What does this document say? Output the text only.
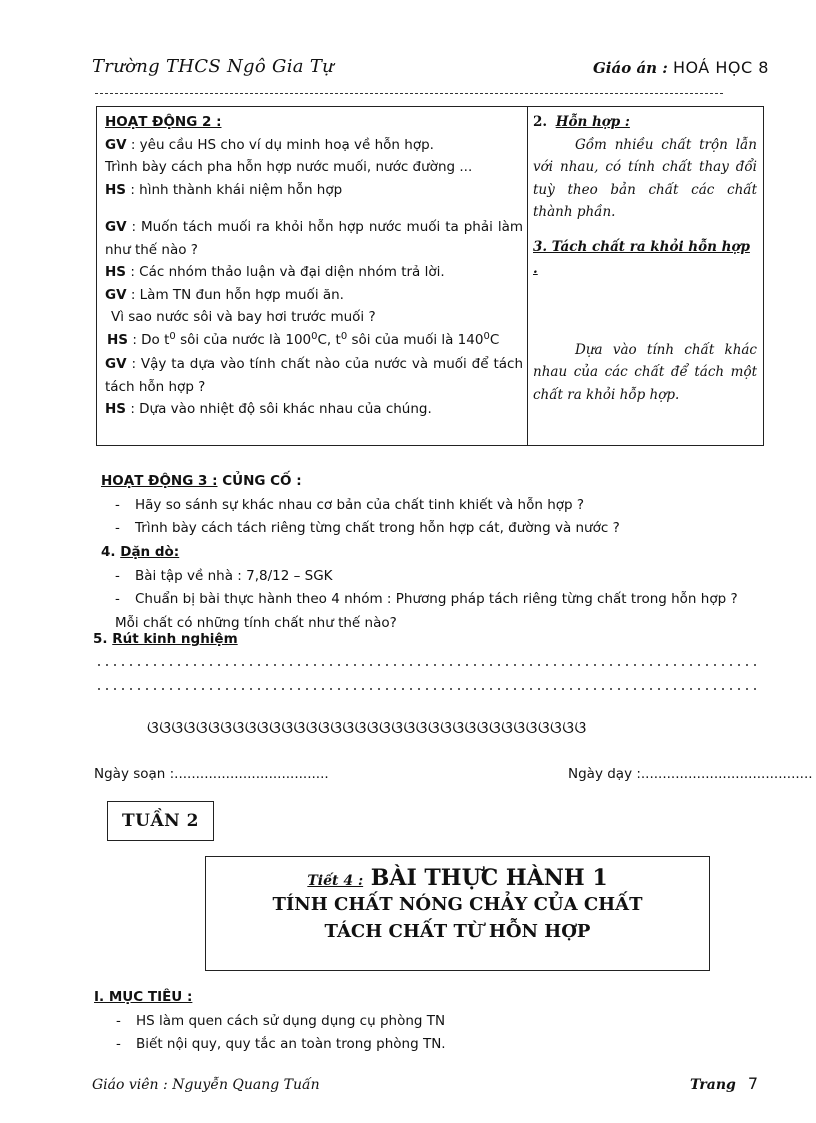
Trường THCS Ngô Gia Tự	Giáo án : HOÁ HỌC 8
HOẠT ĐỘNG 2 :
GV : yêu cầu HS cho ví dụ minh hoạ về hỗn hợp.
Trình bày cách pha hỗn hợp nước muối, nước đường ...
HS : hình thành khái niệm hỗn hợp
GV : Muốn tách muối ra khỏi hỗn hợp nước muối ta phải làm như thế nào ?
HS : Các nhóm thảo luận và đại diện nhóm trả lời.
GV : Làm TN đun hỗn hợp muối ăn.
Vì sao nước sôi và bay hơi trước muối ?
HS : Do $t^0$ sôi của nước là $100^0C$, $t^0$ sôi của muối là $140^0C$
GV : Vậy ta dựa vào tính chất nào của nước và muối để tách tách hỗn hợp ?
HS : Dựa vào nhiệt độ sôi khác nhau của chúng.
2. Hỗn hợp :
Gồm nhiều chất trộn lẫn với nhau, có tính chất thay đổi tuỳ theo bản chất các chất thành phần.
3. Tách chất ra khỏi hỗn hợp .
Dựa vào tính chất khác nhau của các chất để tách một chất ra khỏi hỗp hợp.
HOẠT ĐỘNG 3 : CỦNG CỐ :
- Hãy so sánh sự khác nhau cơ bản của chất tinh khiết và hỗn hợp ?
- Trình bày cách tách riêng từng chất trong hỗn hợp cát, đường và nước ?
4. Dặn dò:
- Bài tập về nhà : 7,8/12 – SGK
- Chuẩn bị bài thực hành theo 4 nhóm : Phương pháp tách riêng từng chất trong hỗn hợp ?
Mỗi chất có những tính chất như thế nào?
5. Rút kinh nghiệm
ଓଓଓଓଓଓଓଓଓଓଓଓଓଓଓଓଓଓଓଓଓଓଓଓଓଓଓଓଓଓଓଓଓଓଓଓ
Ngày soạn :....................................	Ngày dạy :........................................
TUẦN 2
Tiết 4 : BÀI THỰC HÀNH 1
TÍNH CHẤT NÓNG CHẢY CỦA CHẤT
TÁCH CHẤT TỪ HỖN HỢP
I. MỤC TIÊU :
- HS làm quen cách sử dụng dụng cụ phòng TN
- Biết nội quy, quy tắc an toàn trong phòng TN.
Giáo viên : Nguyễn Quang Tuấn	Trang 7
